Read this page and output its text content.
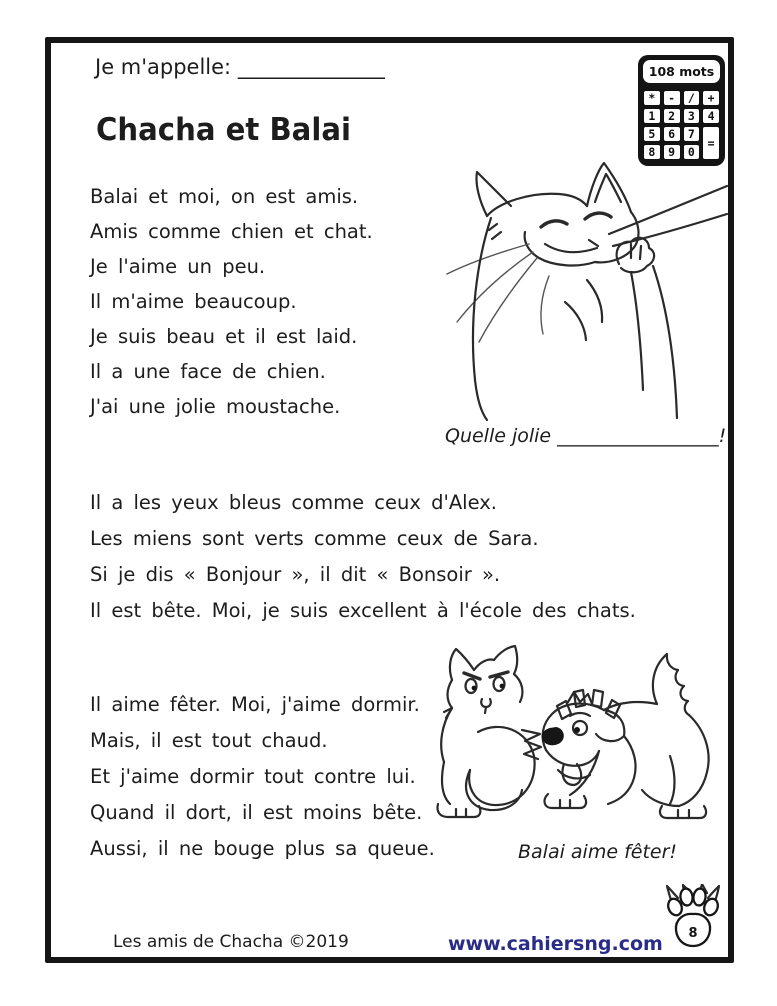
Je m'appelle: ______________
Chacha et Balai
108 mots
*	-	/	+
1	2	3	4
5	6	7
=
8	9	0
Balai et moi, on est amis.
Amis comme chien et chat.
Je l'aime un peu.
Il m'aime beaucoup.
Je suis beau et il est laid.
Il a une face de chien.
J'ai une jolie moustache.
Quelle jolie _________________!
Il a les yeux bleus comme ceux d'Alex.
Les miens sont verts comme ceux de Sara.
Si je dis « Bonjour », il dit « Bonsoir ».
Il est bête. Moi, je suis excellent à l'école des chats.
Il aime fêter. Moi, j'aime dormir.
Mais, il est tout chaud.
Et j'aime dormir tout contre lui.
Quand il dort, il est moins bête.
Aussi, il ne bouge plus sa queue.	Balai aime fêter!
Les amis de Chacha ©2019	www.cahiersng.com 8
